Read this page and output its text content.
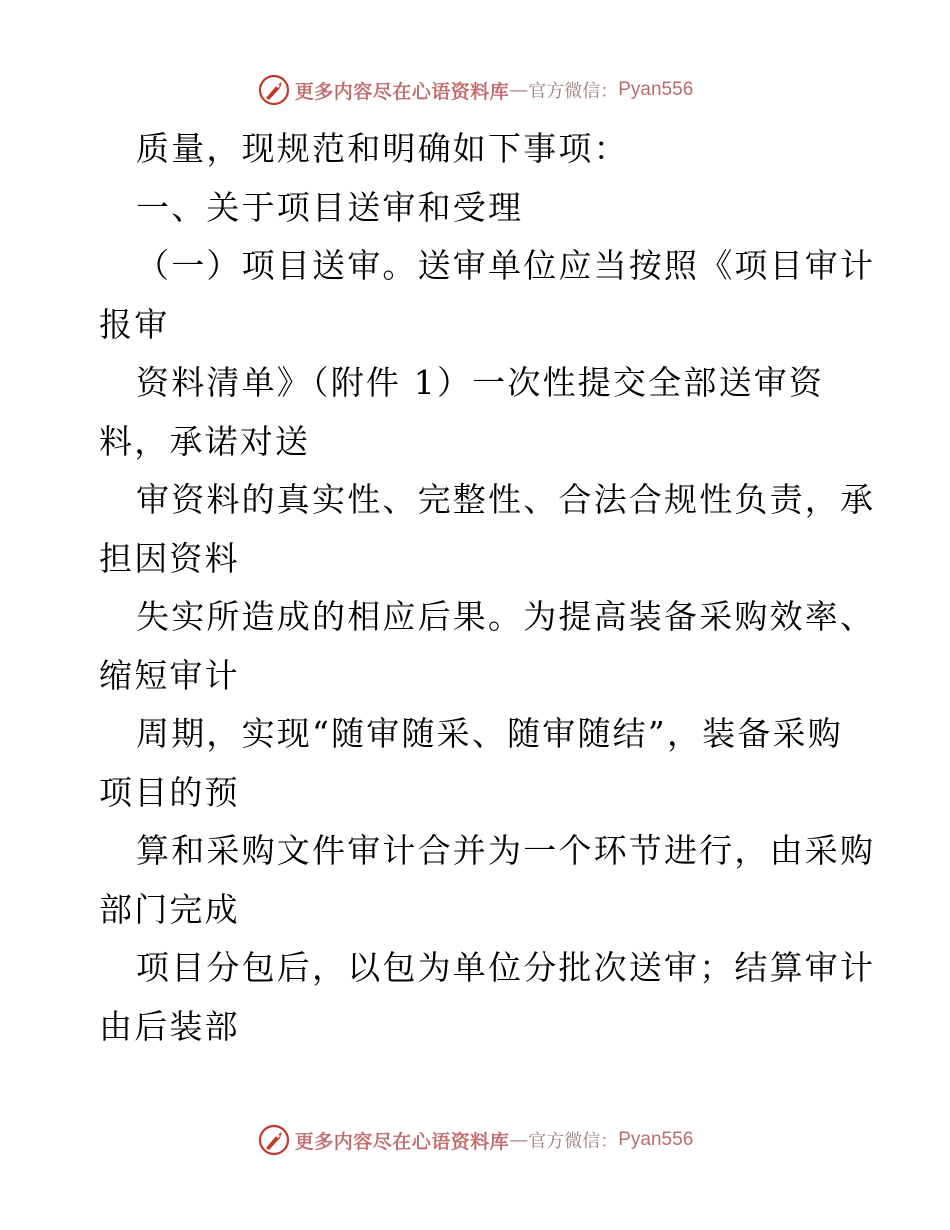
更多内容尽在心语资料库 — 官方微信： Pyan556
质量，现规范和明确如下事项：
一、关于项目送审和受理
（一）项目送审。送审单位应当按照《项目审计
报审
资料清单》（附件 1）一次性提交全部送审资
料，承诺对送
审资料的真实性、完整性、合法合规性负责，承
担因资料
失实所造成的相应后果。为提高装备采购效率、
缩短审计
周期，实现“随审随采、随审随结”，装备采购
项目的预
算和采购文件审计合并为一个环节进行，由采购
部门完成
项目分包后，以包为单位分批次送审；结算审计
由后装部
更多内容尽在心语资料库 — 官方微信： Pyan556
